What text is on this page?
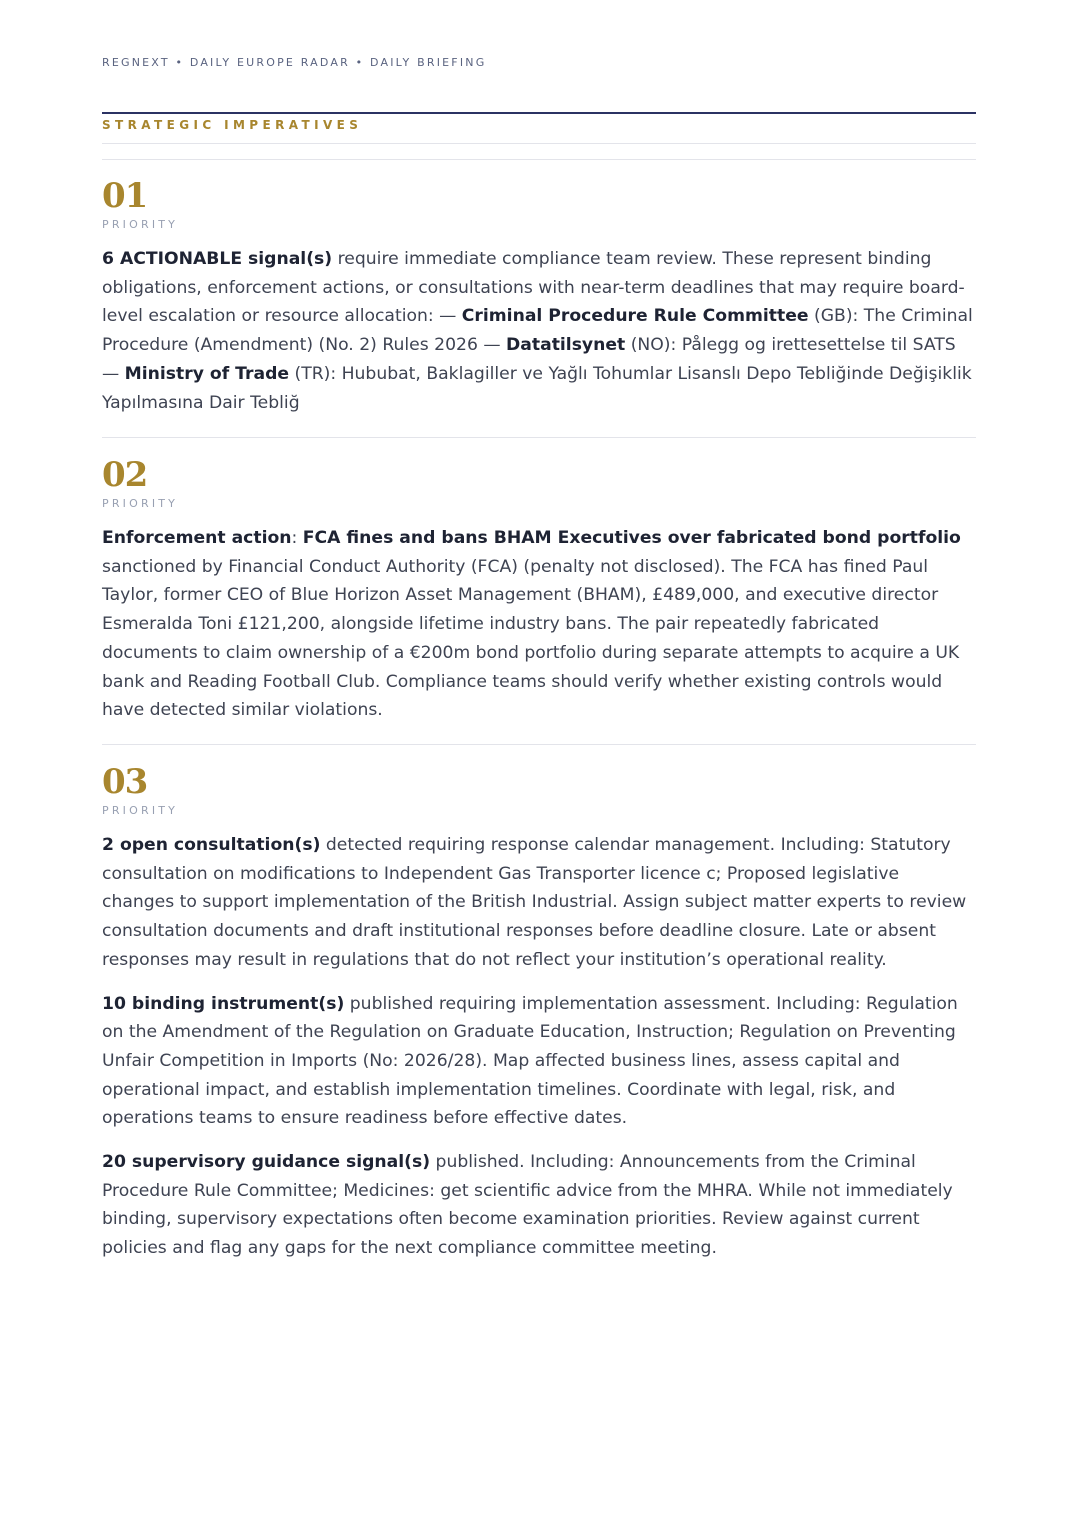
REGNEXT • DAILY EUROPE RADAR • DAILY BRIEFING
STRATEGIC IMPERATIVES
01
PRIORITY

6 ACTIONABLE signal(s) require immediate compliance team review. These represent binding obligations, enforcement actions, or consultations with near-term deadlines that may require board-level escalation or resource allocation: — Criminal Procedure Rule Committee (GB): The Criminal Procedure (Amendment) (No. 2) Rules 2026 — Datatilsynet (NO): Pålegg og irettesettelse til SATS — Ministry of Trade (TR): Hububat, Baklagiller ve Yağlı Tohumlar Lisanslı Depo Tebliğinde Değişiklik Yapılmasına Dair Tebliğ

02
PRIORITY

Enforcement action: FCA fines and bans BHAM Executives over fabricated bond portfolio sanctioned by Financial Conduct Authority (FCA) (penalty not disclosed). The FCA has fined Paul Taylor, former CEO of Blue Horizon Asset Management (BHAM), £489,000, and executive director Esmeralda Toni £121,200, alongside lifetime industry bans. The pair repeatedly fabricated documents to claim ownership of a €200m bond portfolio during separate attempts to acquire a UK bank and Reading Football Club. Compliance teams should verify whether existing controls would have detected similar violations.

03
PRIORITY

2 open consultation(s) detected requiring response calendar management. Including: Statutory consultation on modifications to Independent Gas Transporter licence c; Proposed legislative changes to support implementation of the British Industrial. Assign subject matter experts to review consultation documents and draft institutional responses before deadline closure. Late or absent responses may result in regulations that do not reflect your institution’s operational reality.

10 binding instrument(s) published requiring implementation assessment. Including: Regulation on the Amendment of the Regulation on Graduate Education, Instruction; Regulation on Preventing Unfair Competition in Imports (No: 2026/28). Map affected business lines, assess capital and operational impact, and establish implementation timelines. Coordinate with legal, risk, and operations teams to ensure readiness before effective dates.

20 supervisory guidance signal(s) published. Including: Announcements from the Criminal Procedure Rule Committee; Medicines: get scientific advice from the MHRA. While not immediately binding, supervisory expectations often become examination priorities. Review against current policies and flag any gaps for the next compliance committee meeting.
